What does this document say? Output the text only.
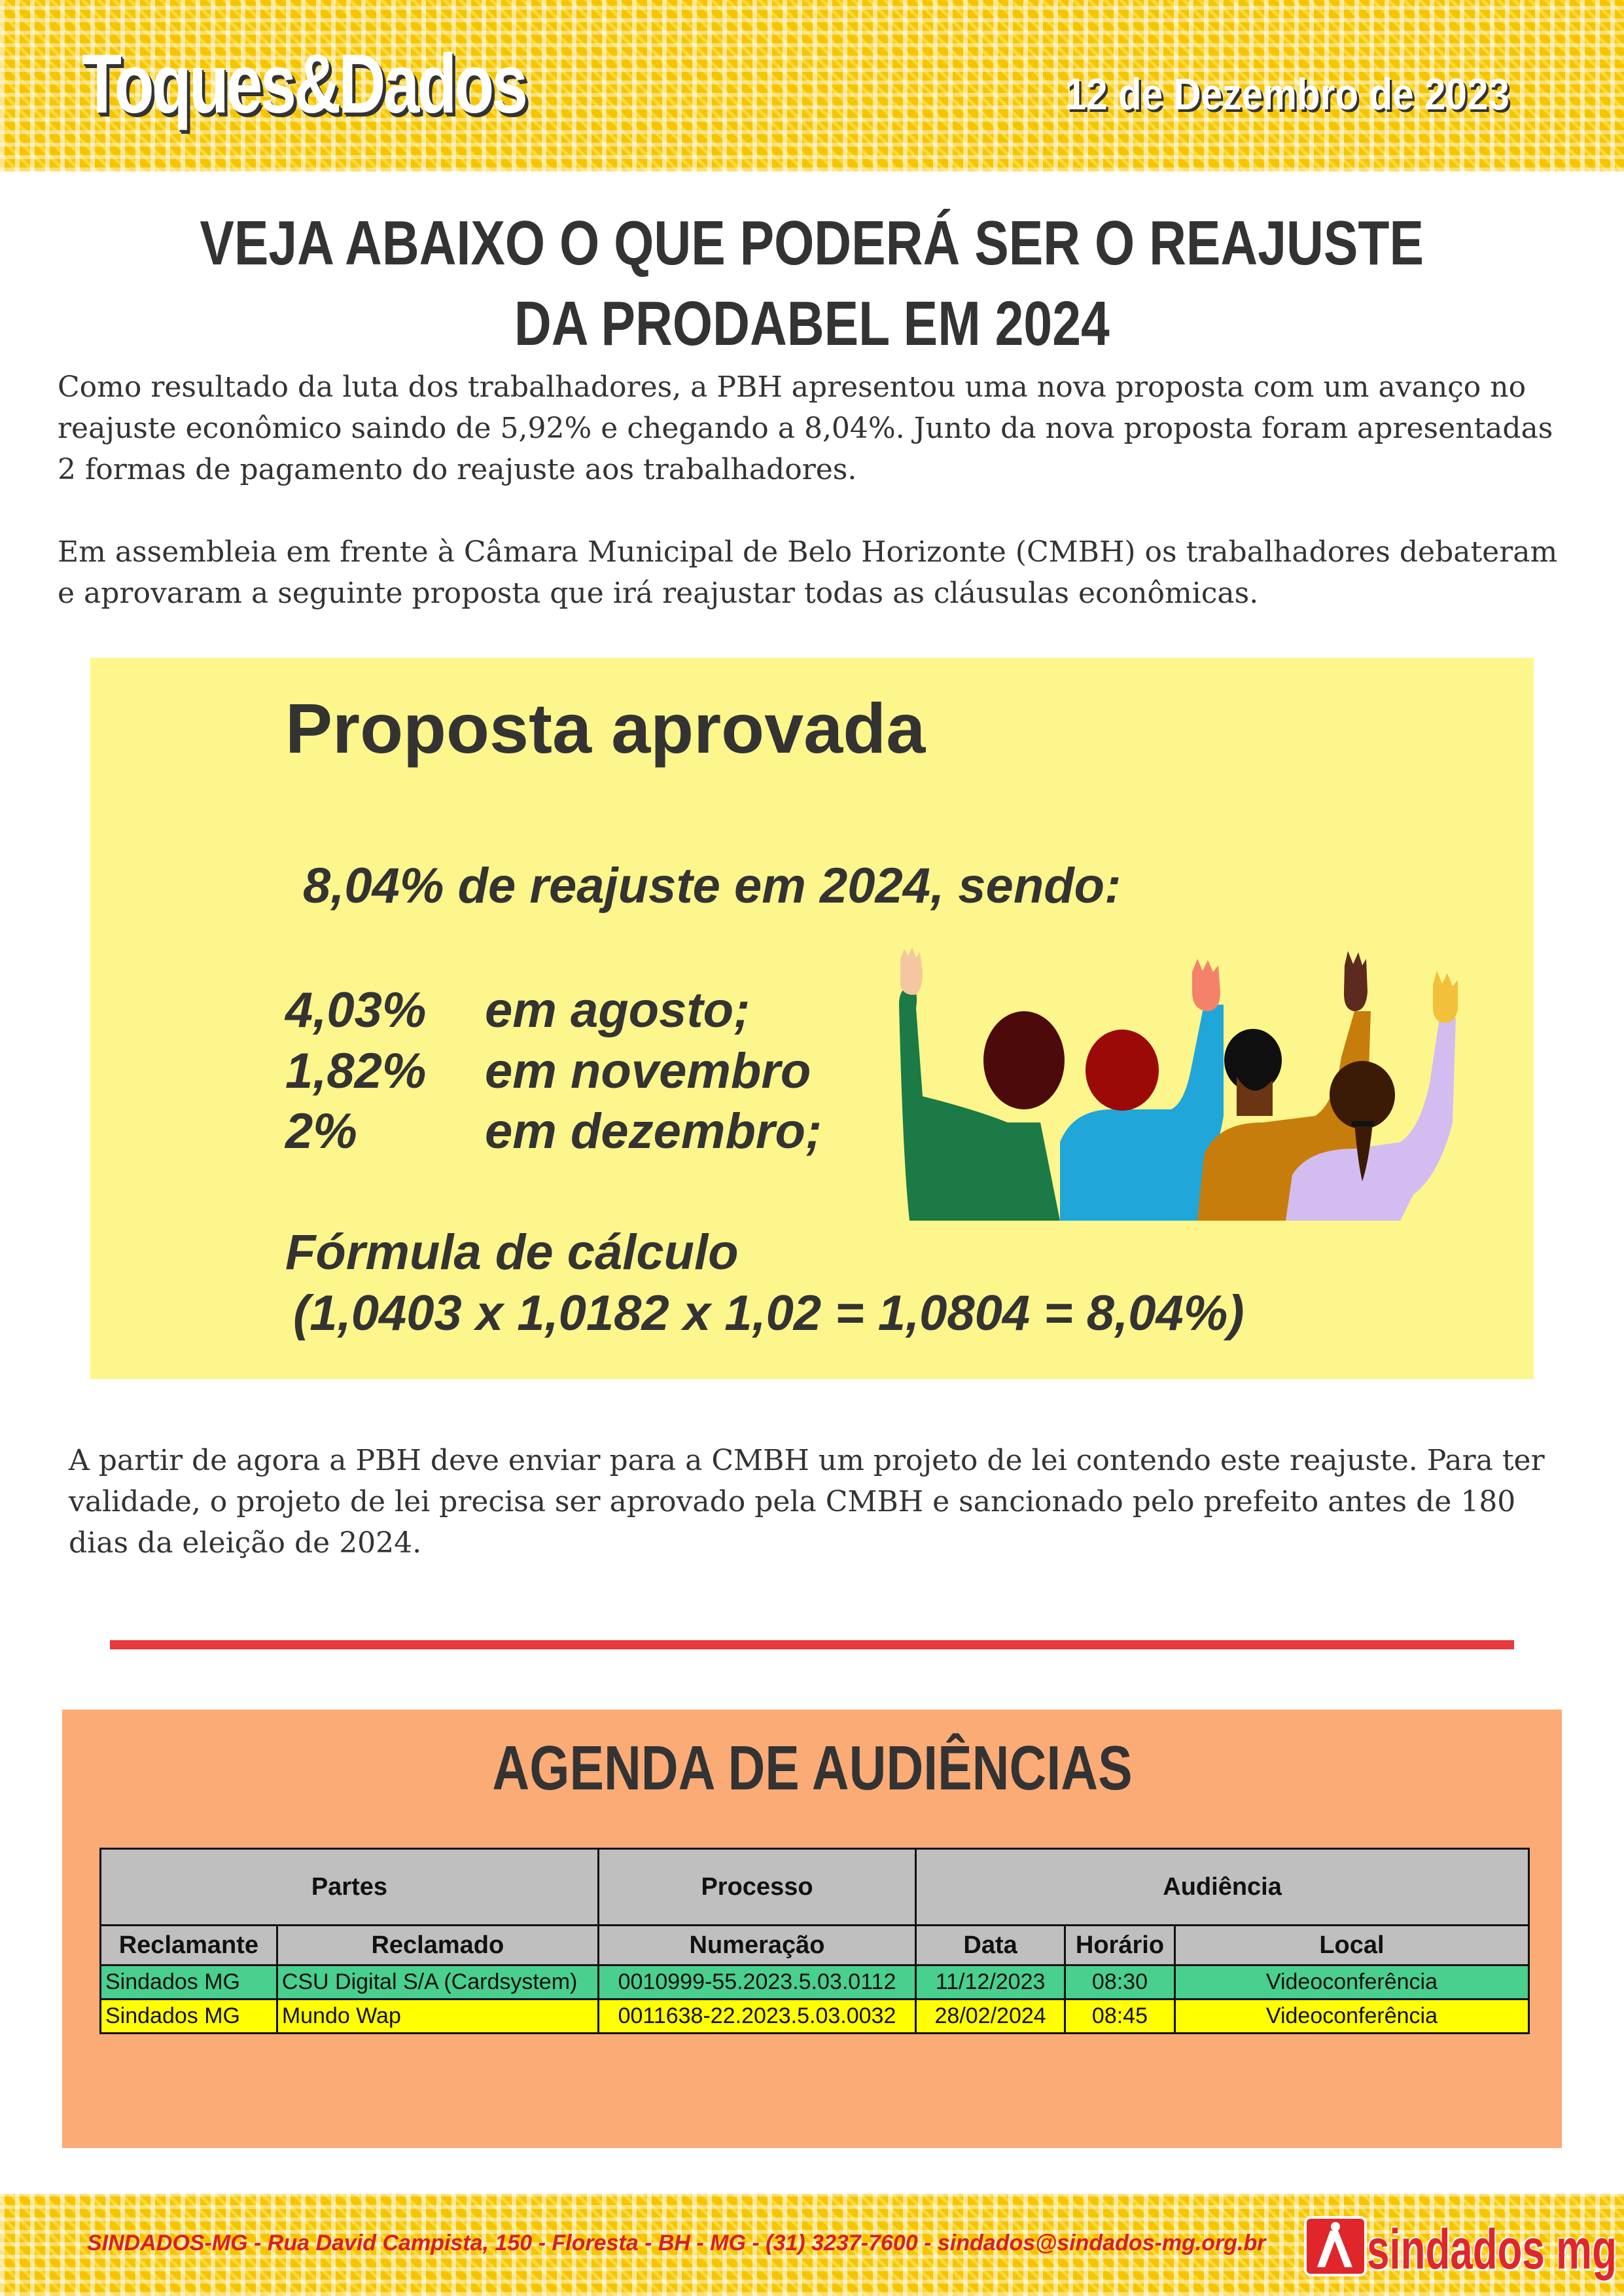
Toques&Dados	12 de Dezembro de 2023
VEJA ABAIXO O QUE PODERÁ SER O REAJUSTE
DA PRODABEL EM 2024

Como resultado da luta dos trabalhadores, a PBH apresentou uma nova proposta com um avanço no reajuste econômico saindo de 5,92% e chegando a 8,04%. Junto da nova proposta foram apresentadas 2 formas de pagamento do reajuste aos trabalhadores.

Em assembleia em frente à Câmara Municipal de Belo Horizonte (CMBH) os trabalhadores debateram e aprovaram a seguinte proposta que irá reajustar todas as cláusulas econômicas.

Proposta aprovada
8,04% de reajuste em 2024, sendo:
4,03% em agosto;
1,82% em novembro
2%	em dezembro;
Fórmula de cálculo
(1,0403 x 1,0182 x 1,02 = 1,0804 = 8,04%)

A partir de agora a PBH deve enviar para a CMBH um projeto de lei contendo este reajuste. Para ter validade, o projeto de lei precisa ser aprovado pela CMBH e sancionado pelo prefeito antes de 180 dias da eleição de 2024.

AGENDA DE AUDIÊNCIAS
Partes		Processo	Audiência		
Reclamante	Reclamado	Numeração	Data	Horário	Local
Sindados MG	CSU Digital S/A (Cardsystem)	0010999-55.2023.5.03.0112	11/12/2023	08:30	Videoconferência
Sindados MG	Mundo Wap	0011638-22.2023.5.03.0032	28/02/2024	08:45	Videoconferência
SINDADOS-MG - Rua David Campista, 150 - Floresta - BH - MG - (31) 3237-7600 - sindados@sindados-mg.org.br sindados mg
